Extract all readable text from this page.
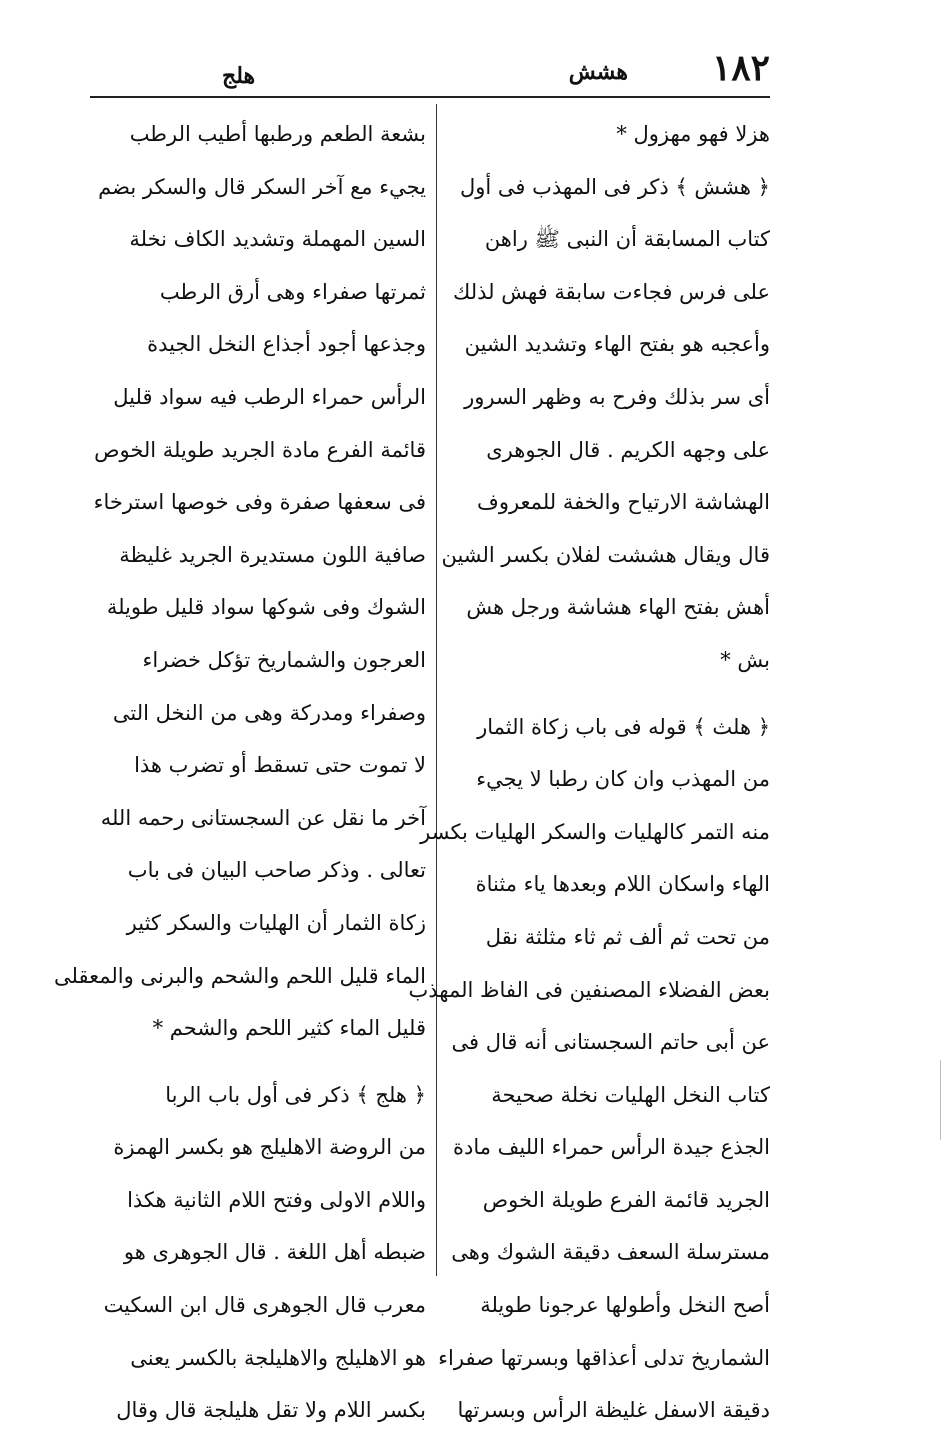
١٨٢
هشش
هلج
هزلا فهو مهزول *
﴿ هشش ﴾ ذكر فى المهذب فى أول
كتاب المسابقة أن النبى ﷺ راهن
على فرس فجاءت سابقة فهش لذلك
وأعجبه هو بفتح الهاء وتشديد الشين
أى سر بذلك وفرح به وظهر السرور
على وجهه الكريم . قال الجوهرى
الهشاشة الارتياح والخفة للمعروف
قال ويقال هششت لفلان بكسر الشين
أهش بفتح الهاء هشاشة ورجل هش
بش *
﴿ هلث ﴾ قوله فى باب زكاة الثمار
من المهذب وان كان رطبا لا يجيء
منه التمر كالهليات والسكر الهليات بكسر
الهاء واسكان اللام وبعدها ياء مثناة
من تحت ثم ألف ثم ثاء مثلثة نقل
بعض الفضلاء المصنفين فى الفاظ المهذب
عن أبى حاتم السجستانى أنه قال فى
كتاب النخل الهليات نخلة صحيحة
الجذع جيدة الرأس حمراء الليف مادة
الجريد قائمة الفرع طويلة الخوص
مسترسلة السعف دقيقة الشوك وهى
أصح النخل وأطولها عرجونا طويلة
الشماريخ تدلى أعذاقها وبسرتها صفراء
دقيقة الاسفل غليظة الرأس وبسرتها
بشعة الطعم ورطبها أطيب الرطب
يجيء مع آخر السكر قال والسكر بضم
السين المهملة وتشديد الكاف نخلة
ثمرتها صفراء وهى أرق الرطب
وجذعها أجود أجذاع النخل الجيدة
الرأس حمراء الرطب فيه سواد قليل
قائمة الفرع مادة الجريد طويلة الخوص
فى سعفها صفرة وفى خوصها استرخاء
صافية اللون مستديرة الجريد غليظة
الشوك وفى شوكها سواد قليل طويلة
العرجون والشماريخ تؤكل خضراء
وصفراء ومدركة وهى من النخل التى
لا تموت حتى تسقط أو تضرب هذا
آخر ما نقل عن السجستانى رحمه الله
تعالى . وذكر صاحب البيان فى باب
زكاة الثمار أن الهليات والسكر كثير
الماء قليل اللحم والشحم والبرنى والمعقلى
قليل الماء كثير اللحم والشحم *
﴿ هلج ﴾ ذكر فى أول باب الربا
من الروضة الاهليلج هو بكسر الهمزة
واللام الاولى وفتح اللام الثانية هكذا
ضبطه أهل اللغة . قال الجوهرى هو
معرب قال الجوهرى قال ابن السكيت
هو الاهليلج والاهليلجة بالكسر يعنى
بكسر اللام ولا تقل هليلجة قال وقال
